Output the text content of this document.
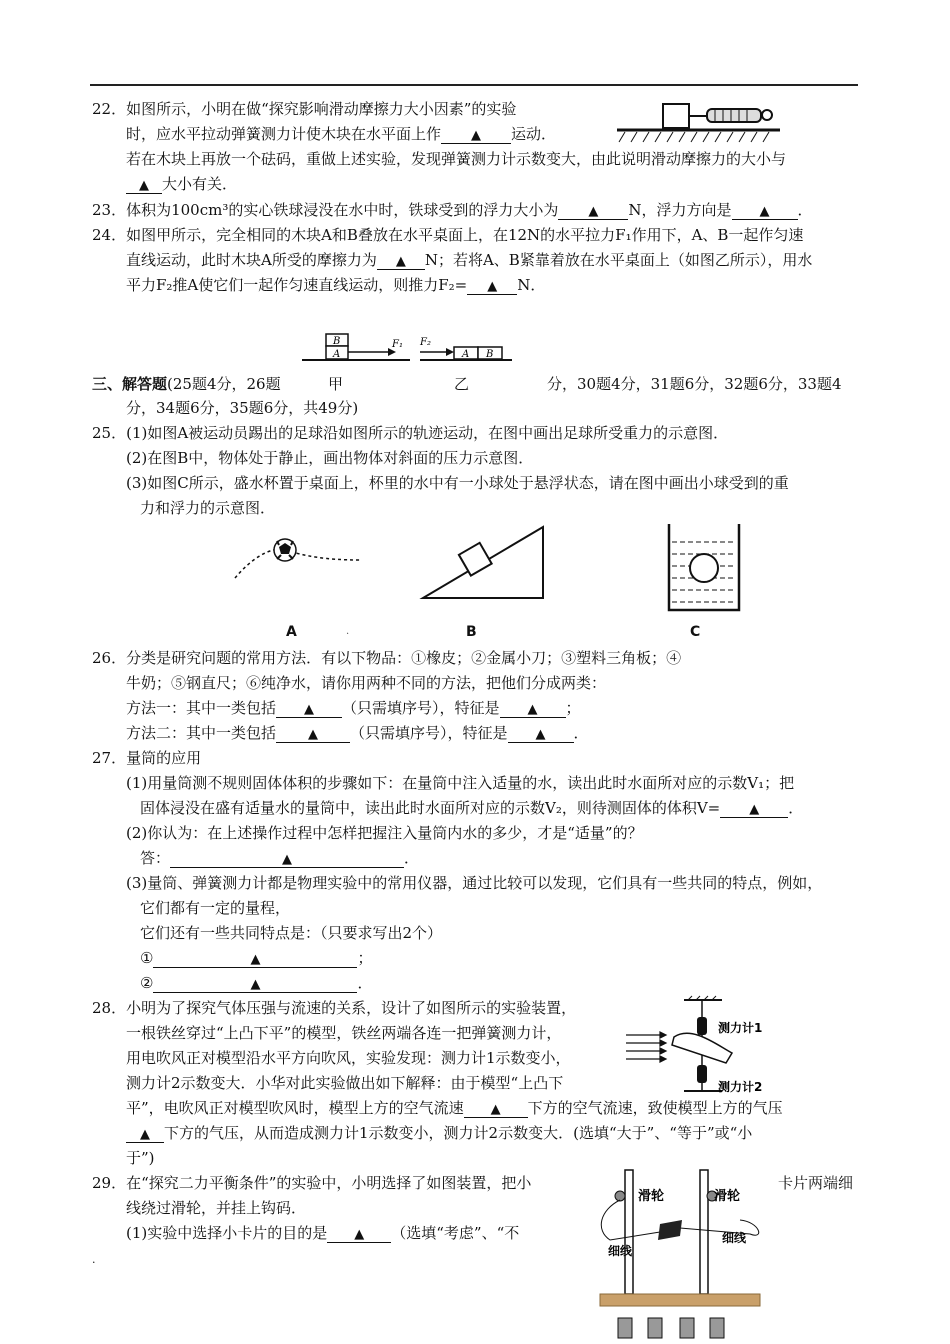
22．如图所示，小明在做“探究影响滑动摩擦力大小因素”的实验
时，应水平拉动弹簧测力计使木块在水平面上作 ▲ 运动．
若在木块上再放一个砝码，重做上述实验，发现弹簧测力计示数变大，由此说明滑动摩擦力的大小与
▲ 大小有关．
23．体积为100cm³的实心铁球浸没在水中时，铁球受到的浮力大小为 ▲ N，浮力方向是 ▲ ．
24．如图甲所示，完全相同的木块A和B叠放在水平桌面上，在12N的水平拉力F₁作用下，A、B一起作匀速
直线运动，此时木块A所受的摩擦力为 ▲ N；若将A、B紧靠着放在水平桌面上（如图乙所示），用水
平力F₂推A使它们一起作匀速直线运动，则推力F₂= ▲ N．
B
A
F₁ F₂
A B
三、解答题(25题4分，26题	甲	乙	分，30题4分，31题6分，32题6分，33题4
分，34题6分，35题6分，共49分)
25．(1)如图A被运动员踢出的足球沿如图所示的轨迹运动，在图中画出足球所受重力的示意图．
(2)在图B中，物体处于静止，画出物体对斜面的压力示意图．
(3)如图C所示，盛水杯置于桌面上，杯里的水中有一小球处于悬浮状态，请在图中画出小球受到的重
力和浮力的示意图．
A	B	C
.
26．分类是研究问题的常用方法．有以下物品：①橡皮；②金属小刀；③塑料三角板；④
牛奶；⑤钢直尺；⑥纯净水，请你用两种不同的方法，把他们分成两类：
方法一：其中一类包括 ▲ （只需填序号），特征是 ▲ ；
方法二：其中一类包括 ▲ （只需填序号），特征是 ▲ ．
27．量筒的应用
(1)用量筒测不规则固体体积的步骤如下：在量筒中注入适量的水，读出此时水面所对应的示数V₁；把
固体浸没在盛有适量水的量筒中，读出此时水面所对应的示数V₂，则待测固体的体积V= ▲ ．
(2)你认为：在上述操作过程中怎样把握注入量筒内水的多少，才是“适量”的？
答：	▲	．
(3)量筒、弹簧测力计都是物理实验中的常用仪器，通过比较可以发现，它们具有一些共同的特点，例如，
它们都有一定的量程，
它们还有一些共同特点是：（只要求写出2个）
①	▲	；
②	▲	．
28．小明为了探究气体压强与流速的关系，设计了如图所示的实验装置，
一根铁丝穿过“上凸下平”的模型，铁丝两端各连一把弹簧测力计，
用电吹风正对模型沿水平方向吹风，实验发现：测力计1示数变小，
测力计2示数变大．小华对此实验做出如下解释：由于模型“上凸下
测力计1
测力计2
平”，电吹风正对模型吹风时，模型上方的空气流速 ▲ 下方的空气流速，致使模型上方的气压
▲ 下方的气压，从而造成测力计1示数变小，测力计2示数变大．(选填“大于”、“等于”或“小
于”)
29．在“探究二力平衡条件”的实验中，小明选择了如图装置，把小	卡片两端细
线绕过滑轮，并挂上钩码．
(1)实验中选择小卡片的目的是 ▲ （选填“考虑”、“不
.
滑轮	滑轮
细线
细线
